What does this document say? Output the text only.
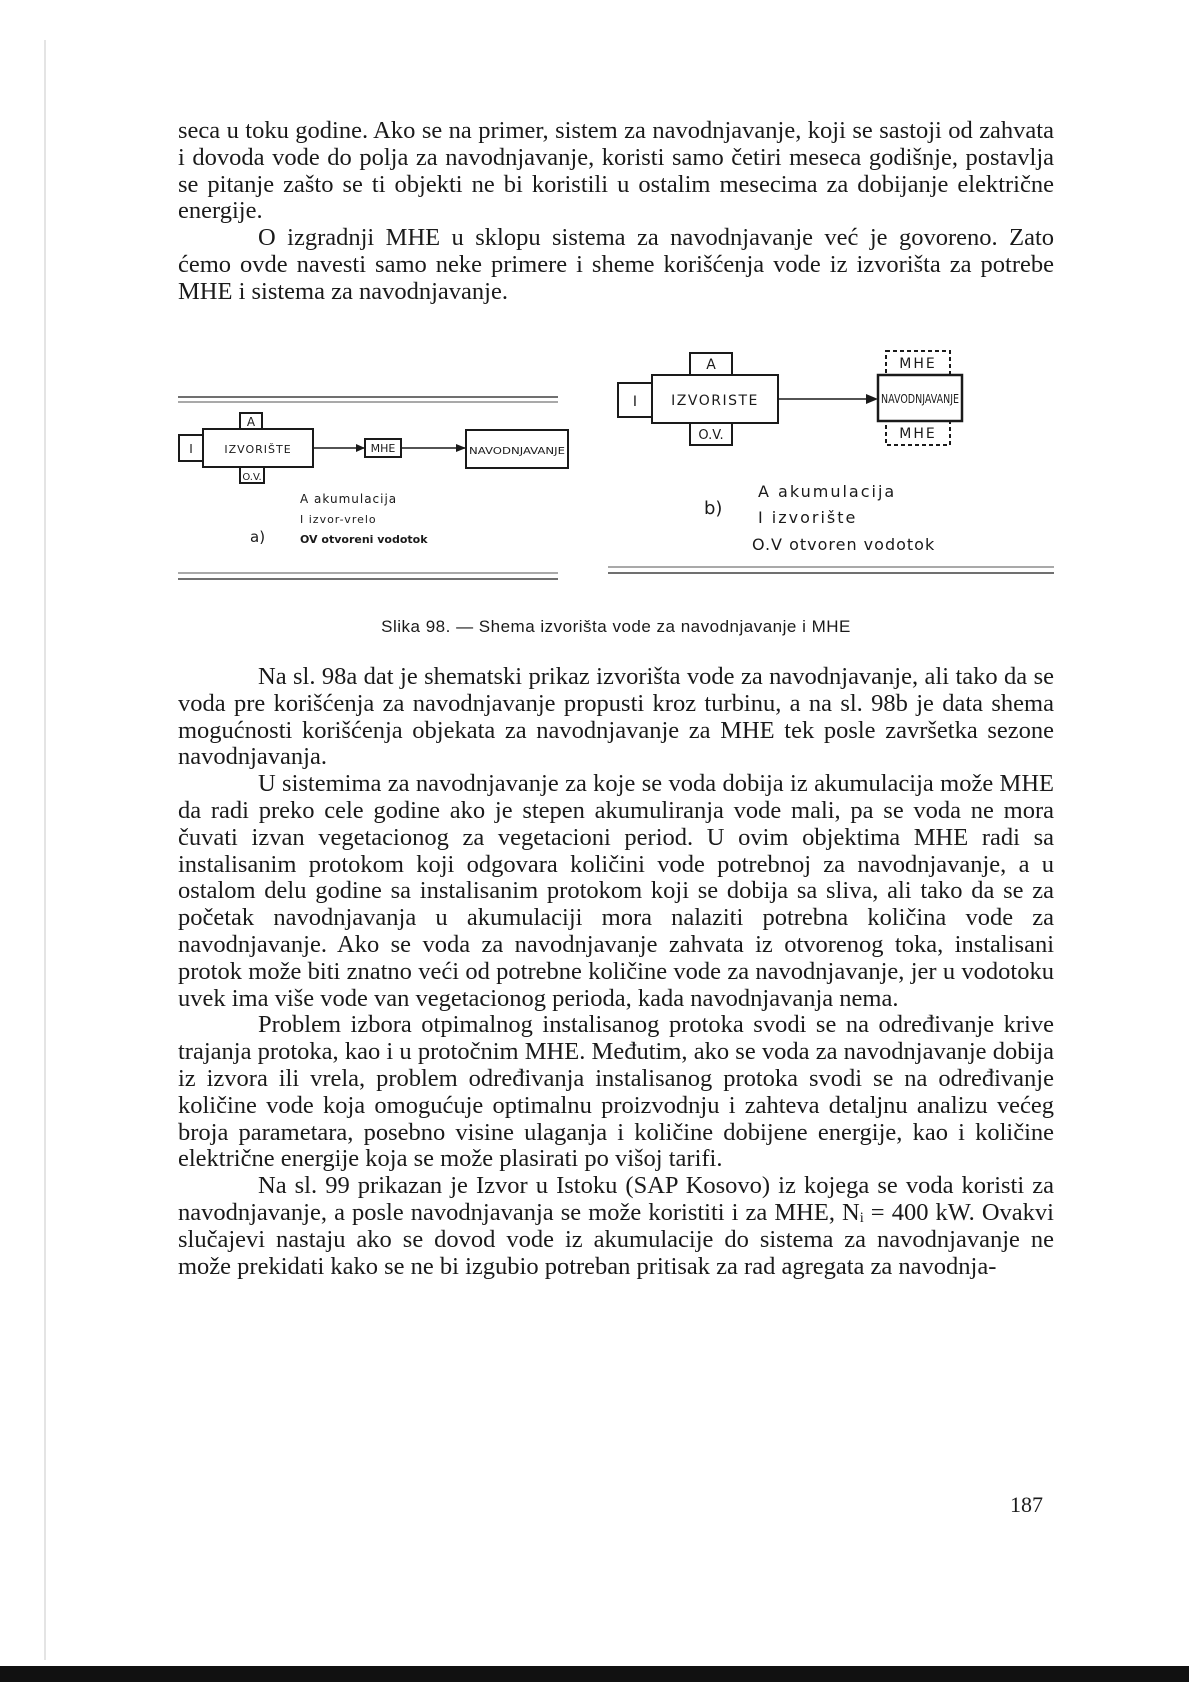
seca u toku godine. Ako se na primer, sistem za navodnjavanje, koji se sastoji od zahvata i dovoda vode do polja za navodnjavanje, koristi samo četiri meseca godišnje, postavlja se pitanje zašto se ti objekti ne bi koristili u ostalim mesecima za dobijanje električne energije.

O izgradnji MHE u sklopu sistema za navodnjavanje već je govoreno. Zato ćemo ovde navesti samo neke primere i sheme korišćenja vode iz izvorišta za potrebe MHE i sistema za navodnjavanje.

A
I	IZVORIŠTE
O.V.
MHE	NAVODNJAVANJE
A akumulacija
I izvor-vrelo
OV otvoreni vodotok
a)
A
I IZVORISTE
O.V.
MHE
NAVODNJAVANJE
MHE
b)
A akumulacija
I izvorište
O.V otvoren vodotok
Slika 98. — Shema izvorišta vode za navodnjavanje i MHE

Na sl. 98a dat je shematski prikaz izvorišta vode za navodnjavanje, ali tako da se voda pre korišćenja za navodnjavanje propusti kroz turbinu, a na sl. 98b je data shema mogućnosti korišćenja objekata za navodnjavanje za MHE tek posle završetka sezone navodnjavanja.

U sistemima za navodnjavanje za koje se voda dobija iz akumulacija može MHE da radi preko cele godine ako je stepen akumuliranja vode mali, pa se voda ne mora čuvati izvan vegetacionog za vegetacioni period. U ovim objektima MHE radi sa instalisanim protokom koji odgovara količini vode potrebnoj za navodnjavanje, a u ostalom delu godine sa instalisanim protokom koji se dobija sa sliva, ali tako da se za početak navodnjavanja u akumulaciji mora nalaziti potrebna količina vode za navodnjavanje. Ako se voda za navodnjavanje zahvata iz otvorenog toka, instalisani protok može biti znatno veći od potrebne količine vode za navodnjavanje, jer u vodotoku uvek ima više vode van vegetacionog perioda, kada navodnjavanja nema.

Problem izbora otpimalnog instalisanog protoka svodi se na određivanje krive trajanja protoka, kao i u protočnim MHE. Međutim, ako se voda za navodnjavanje dobija iz izvora ili vrela, problem određivanja instalisanog protoka svodi se na određivanje količine vode koja omogućuje optimalnu proizvodnju i zahteva detaljnu analizu većeg broja parametara, posebno visine ulaganja i količine dobijene energije, kao i količine električne energije koja se može plasirati po višoj tarifi.

Na sl. 99 prikazan je Izvor u Istoku (SAP Kosovo) iz kojega se voda koristi za navodnjavanje, a posle navodnjavanja se može koristiti i za MHE, Nᵢ = 400 kW. Ovakvi slučajevi nastaju ako se dovod vode iz akumulacije do sistema za navodnjavanje ne može prekidati kako se ne bi izgubio potreban pritisak za rad agregata za navodnja-

187
